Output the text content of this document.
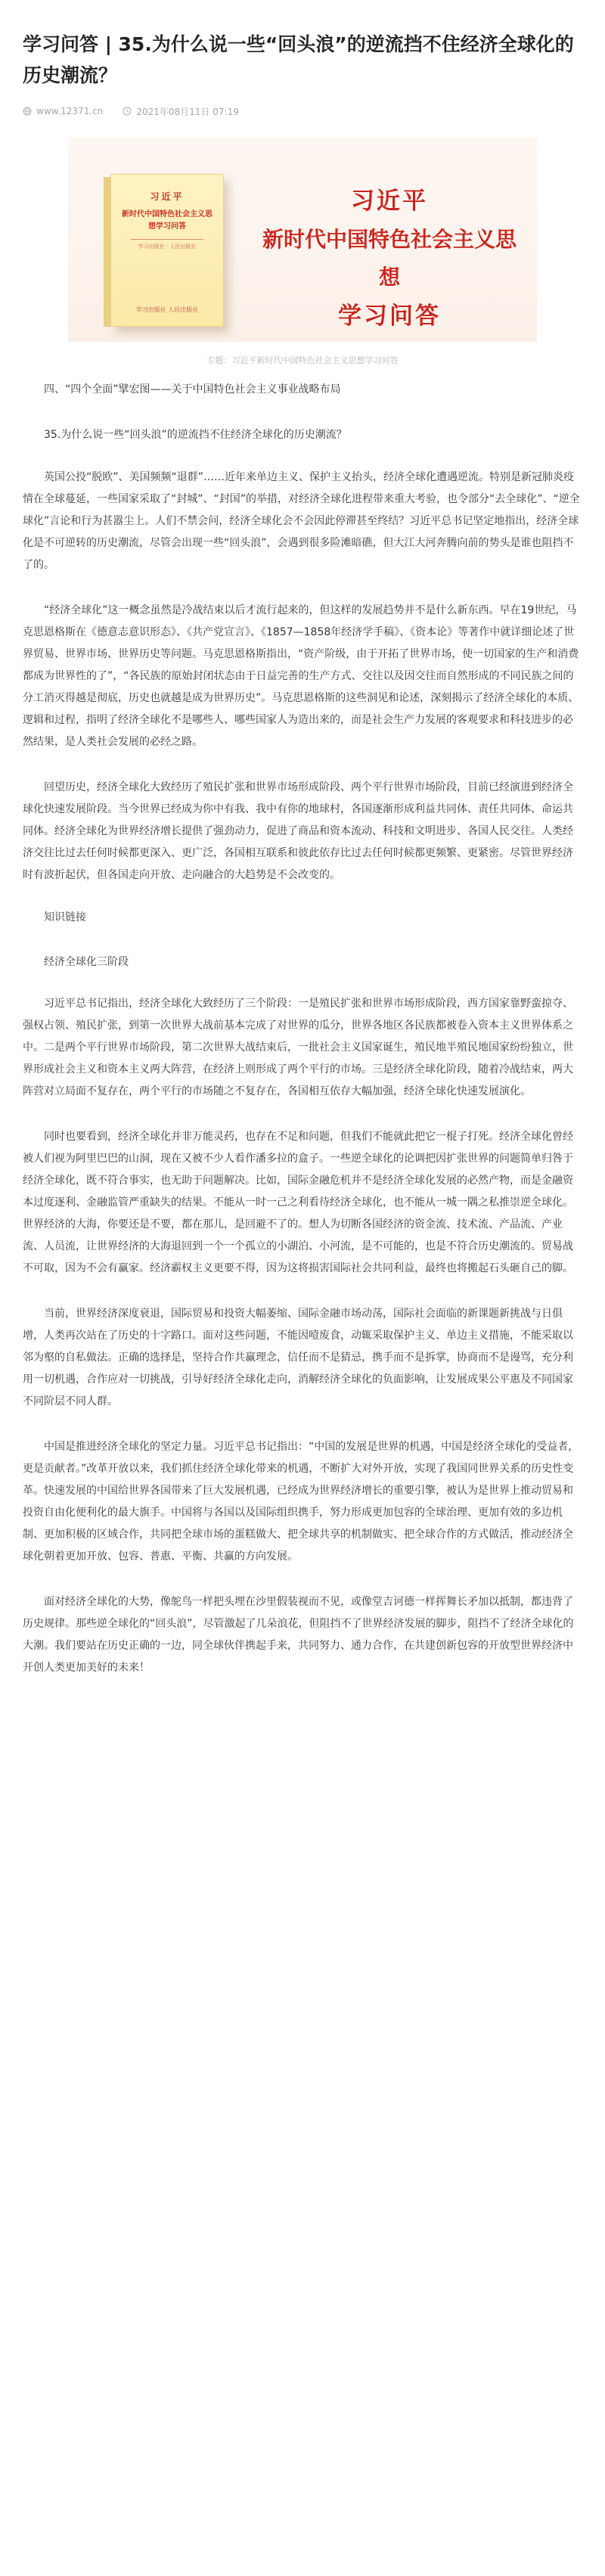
学习问答 | 35.为什么说一些“回头浪”的逆流挡不住经济全球化的历史潮流？
www.12371.cn	2021年08月11日 07:19
习近平
新时代中国特色社会主义思想学习问答
学习出版社 · 人民出版社
学习出版社 人民出版社
习近平
新时代中国特色社会主义思想
学习问答
专题：习近平新时代中国特色社会主义思想学习问答

四、“四个全面”擘宏图——关于中国特色社会主义事业战略布局

35.为什么说一些“回头浪”的逆流挡不住经济全球化的历史潮流？

英国公投“脱欧”、美国频频“退群”……近年来单边主义、保护主义抬头，经济全球化遭遇逆流。特别是新冠肺炎疫情在全球蔓延，一些国家采取了“封城”、“封国”的举措，对经济全球化进程带来重大考验，也令部分“去全球化”、“逆全球化”言论和行为甚嚣尘上。人们不禁会问，经济全球化会不会因此停滞甚至终结？习近平总书记坚定地指出，经济全球化是不可逆转的历史潮流，尽管会出现一些“回头浪”，会遇到很多险滩暗礁，但大江大河奔腾向前的势头是谁也阻挡不了的。

“经济全球化”这一概念虽然是冷战结束以后才流行起来的，但这样的发展趋势并不是什么新东西。早在19世纪，马克思恩格斯在《德意志意识形态》、《共产党宣言》、《1857—1858年经济学手稿》、《资本论》等著作中就详细论述了世界贸易、世界市场、世界历史等问题。马克思恩格斯指出，“资产阶级，由于开拓了世界市场，使一切国家的生产和消费都成为世界性的了”，“各民族的原始封闭状态由于日益完善的生产方式、交往以及因交往而自然形成的不同民族之间的分工消灭得越是彻底，历史也就越是成为世界历史”。马克思恩格斯的这些洞见和论述，深刻揭示了经济全球化的本质、逻辑和过程，指明了经济全球化不是哪些人、哪些国家人为造出来的，而是社会生产力发展的客观要求和科技进步的必然结果，是人类社会发展的必经之路。

回望历史，经济全球化大致经历了殖民扩张和世界市场形成阶段、两个平行世界市场阶段，目前已经演进到经济全球化快速发展阶段。当今世界已经成为你中有我、我中有你的地球村，各国逐渐形成利益共同体、责任共同体、命运共同体。经济全球化为世界经济增长提供了强劲动力，促进了商品和资本流动、科技和文明进步、各国人民交往。人类经济交往比过去任何时候都更深入、更广泛，各国相互联系和彼此依存比过去任何时候都更频繁、更紧密。尽管世界经济时有波折起伏，但各国走向开放、走向融合的大趋势是不会改变的。

知识链接

经济全球化三阶段

习近平总书记指出，经济全球化大致经历了三个阶段：一是殖民扩张和世界市场形成阶段，西方国家靠野蛮掠夺、强权占领、殖民扩张，到第一次世界大战前基本完成了对世界的瓜分，世界各地区各民族都被卷入资本主义世界体系之中。二是两个平行世界市场阶段，第二次世界大战结束后，一批社会主义国家诞生，殖民地半殖民地国家纷纷独立，世界形成社会主义和资本主义两大阵营，在经济上则形成了两个平行的市场。三是经济全球化阶段，随着冷战结束，两大阵营对立局面不复存在，两个平行的市场随之不复存在，各国相互依存大幅加强，经济全球化快速发展演化。

同时也要看到，经济全球化并非万能灵药，也存在不足和问题，但我们不能就此把它一棍子打死。经济全球化曾经被人们视为阿里巴巴的山洞，现在又被不少人看作潘多拉的盒子。一些逆全球化的论调把因扩张世界的问题简单归咎于经济全球化，既不符合事实，也无助于问题解决。比如，国际金融危机并不是经济全球化发展的必然产物，而是金融资本过度逐利、金融监管严重缺失的结果。不能从一时一己之利看待经济全球化，也不能从一城一隅之私推崇逆全球化。世界经济的大海，你要还是不要，都在那儿，是回避不了的。想人为切断各国经济的资金流、技术流、产品流、产业流、人员流，让世界经济的大海退回到一个一个孤立的小湖泊、小河流，是不可能的，也是不符合历史潮流的。贸易战不可取，因为不会有赢家。经济霸权主义更要不得，因为这将损害国际社会共同利益，最终也将搬起石头砸自己的脚。

当前，世界经济深度衰退，国际贸易和投资大幅萎缩、国际金融市场动荡，国际社会面临的新课题新挑战与日俱增，人类再次站在了历史的十字路口。面对这些问题，不能因噎废食，动辄采取保护主义、单边主义措施，不能采取以邻为壑的自私做法。正确的选择是，坚持合作共赢理念，信任而不是猜忌，携手而不是拆掌，协商而不是谩骂，充分利用一切机遇，合作应对一切挑战，引导好经济全球化走向，消解经济全球化的负面影响，让发展成果公平惠及不同国家不同阶层不同人群。

中国是推进经济全球化的坚定力量。习近平总书记指出：“中国的发展是世界的机遇，中国是经济全球化的受益者，更是贡献者。”改革开放以来，我们抓住经济全球化带来的机遇，不断扩大对外开放，实现了我国同世界关系的历史性变革。快速发展的中国给世界各国带来了巨大发展机遇，已经成为世界经济增长的重要引擎，被认为是世界上推动贸易和投资自由化便利化的最大旗手。中国将与各国以及国际组织携手，努力形成更加包容的全球治理、更加有效的多边机制、更加积极的区域合作，共同把全球市场的蛋糕做大、把全球共享的机制做实、把全球合作的方式做活，推动经济全球化朝着更加开放、包容、普惠、平衡、共赢的方向发展。

面对经济全球化的大势，像鸵鸟一样把头埋在沙里假装视而不见，或像堂吉诃德一样挥舞长矛加以抵制，都违背了历史规律。那些逆全球化的“回头浪”，尽管激起了几朵浪花，但阻挡不了世界经济发展的脚步，阻挡不了经济全球化的大潮。我们要站在历史正确的一边，同全球伙伴携起手来，共同努力、通力合作，在共建创新包容的开放型世界经济中开创人类更加美好的未来！
